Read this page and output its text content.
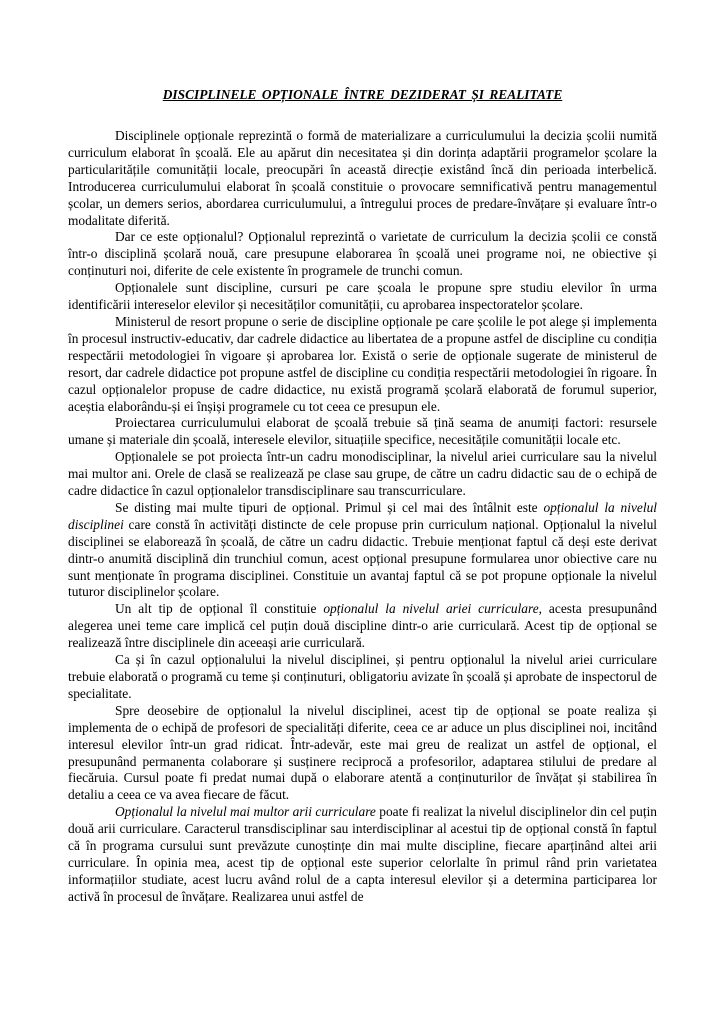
DISCIPLINELE OPȚIONALE ÎNTRE DEZIDERAT ȘI REALITATE

Disciplinele opționale reprezintă o formă de materializare a curriculumului la decizia școlii numită curriculum elaborat în școală. Ele au apărut din necesitatea și din dorința adaptării programelor școlare la particularitățile comunității locale, preocupări în această direcție existând încă din perioada interbelică. Introducerea curriculumului elaborat în școală constituie o provocare semnificativă pentru managementul școlar, un demers serios, abordarea curriculumului, a întregului proces de predare-învățare și evaluare într-o modalitate diferită.

Dar ce este opționalul? Opționalul reprezintă o varietate de curriculum la decizia școlii ce constă într-o disciplină școlară nouă, care presupune elaborarea în școală unei programe noi, ne obiective și conținuturi noi, diferite de cele existente în programele de trunchi comun.

Opționalele sunt discipline, cursuri pe care școala le propune spre studiu elevilor în urma identificării intereselor elevilor și necesităților comunității, cu aprobarea inspectoratelor școlare.

Ministerul de resort propune o serie de discipline opționale pe care școlile le pot alege și implementa în procesul instructiv-educativ, dar cadrele didactice au libertatea de a propune astfel de discipline cu condiția respectării metodologiei în vigoare și aprobarea lor. Există o serie de opționale sugerate de ministerul de resort, dar cadrele didactice pot propune astfel de discipline cu condiția respectării metodologiei în rigoare. În cazul opționalelor propuse de cadre didactice, nu există programă școlară elaborată de forumul superior, aceștia elaborându-și ei înșiși programele cu tot ceea ce presupun ele.

Proiectarea curriculumului elaborat de școală trebuie să țină seama de anumiți factori: resursele umane și materiale din școală, interesele elevilor, situațiile specifice, necesitățile comunității locale etc.

Opționalele se pot proiecta într-un cadru monodisciplinar, la nivelul ariei curriculare sau la nivelul mai multor ani. Orele de clasă se realizează pe clase sau grupe, de către un cadru didactic sau de o echipă de cadre didactice în cazul opționalelor transdisciplinare sau transcurriculare.

Se disting mai multe tipuri de opțional. Primul și cel mai des întâlnit este opționalul la nivelul disciplinei care constă în activități distincte de cele propuse prin curriculum național. Opționalul la nivelul disciplinei se elaborează în școală, de către un cadru didactic. Trebuie menționat faptul că deși este derivat dintr-o anumită disciplină din trunchiul comun, acest opțional presupune formularea unor obiective care nu sunt menționate în programa disciplinei. Constituie un avantaj faptul că se pot propune opționale la nivelul tuturor disciplinelor școlare.

Un alt tip de opțional îl constituie opționalul la nivelul ariei curriculare, acesta presupunând alegerea unei teme care implică cel puțin două discipline dintr-o arie curriculară. Acest tip de opțional se realizează între disciplinele din aceeași arie curriculară.

Ca și în cazul opționalului la nivelul disciplinei, și pentru opționalul la nivelul ariei curriculare trebuie elaborată o programă cu teme și conținuturi, obligatoriu avizate în școală și aprobate de inspectorul de specialitate.

Spre deosebire de opționalul la nivelul disciplinei, acest tip de opțional se poate realiza și implementa de o echipă de profesori de specialități diferite, ceea ce ar aduce un plus disciplinei noi, incitând interesul elevilor într-un grad ridicat. Într-adevăr, este mai greu de realizat un astfel de opțional, el presupunând permanenta colaborare și susținere reciprocă a profesorilor, adaptarea stilului de predare al fiecăruia. Cursul poate fi predat numai după o elaborare atentă a conținuturilor de învățat și stabilirea în detaliu a ceea ce va avea fiecare de făcut.

Opționalul la nivelul mai multor arii curriculare poate fi realizat la nivelul disciplinelor din cel puțin două arii curriculare. Caracterul transdisciplinar sau interdisciplinar al acestui tip de opțional constă în faptul că în programa cursului sunt prevăzute cunoștințe din mai multe discipline, fiecare aparținând altei arii curriculare. În opinia mea, acest tip de opțional este superior celorlalte în primul rând prin varietatea informațiilor studiate, acest lucru având rolul de a capta interesul elevilor și a determina participarea lor activă în procesul de învățare. Realizarea unui astfel de
